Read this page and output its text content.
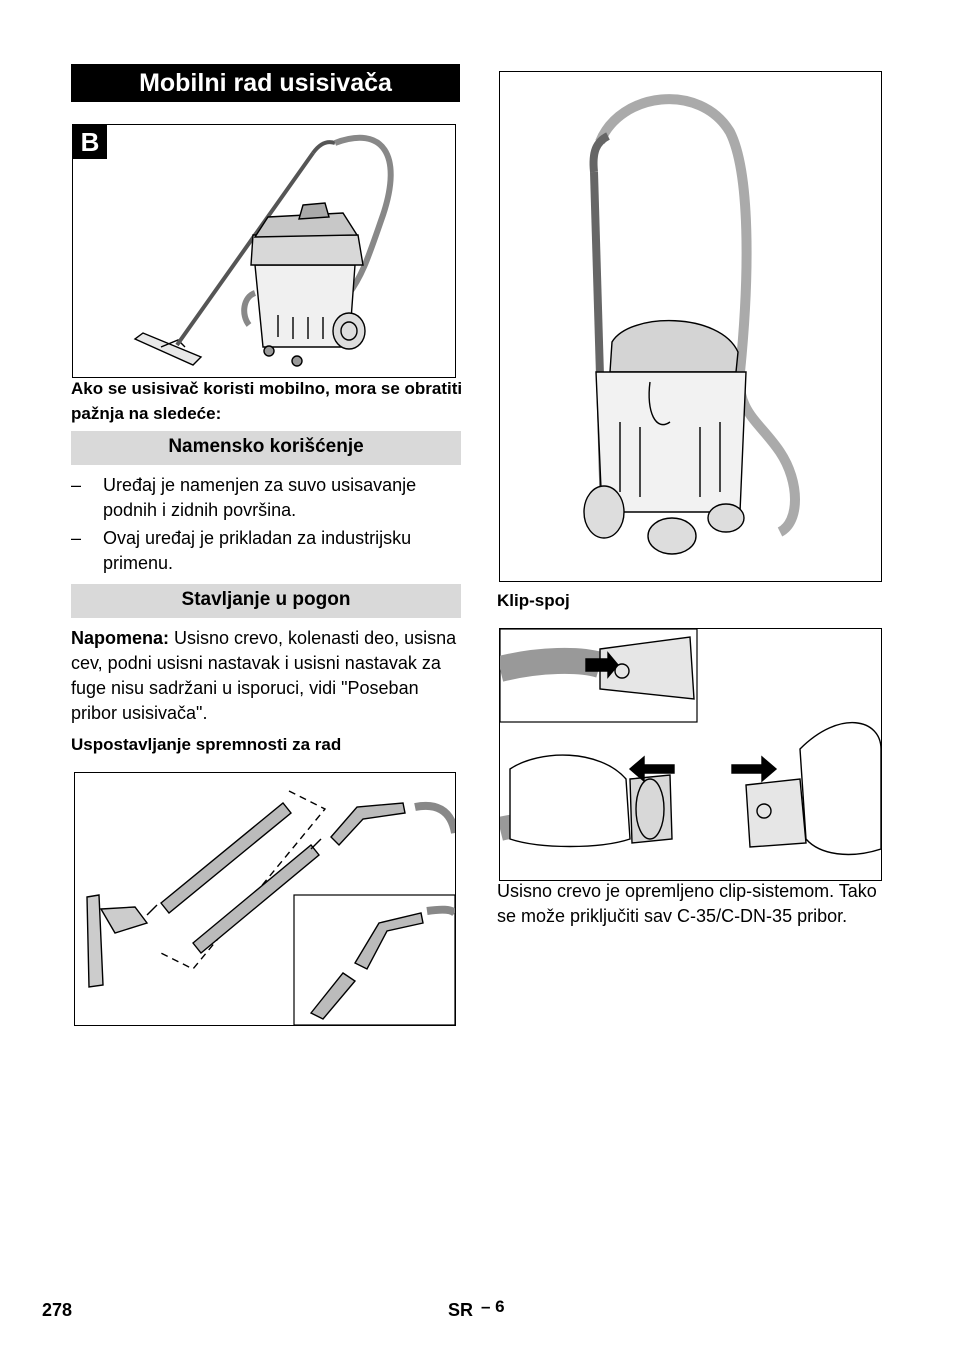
Mobilni rad usisivača
B
Ako se usisivač koristi mobilno, mora se obratiti pažnja na sledeće:
Namensko korišćenje
– Uređaj je namenjen za suvo usisavanje podnih i zidnih površina.
– Ovaj uređaj je prikladan za industrijsku primenu.
Stavljanje u pogon
Napomena: Usisno crevo, kolenasti deo, usisna cev, podni usisni nastavak i usisni nastavak za fuge nisu sadržani u isporuci, vidi "Poseban pribor usisivača".
Uspostavljanje spremnosti za rad
Klip-spoj
Usisno crevo je opremljeno clip-sistemom. Tako se može priključiti sav C-35/C-DN-35 pribor.
278	SR – 6
